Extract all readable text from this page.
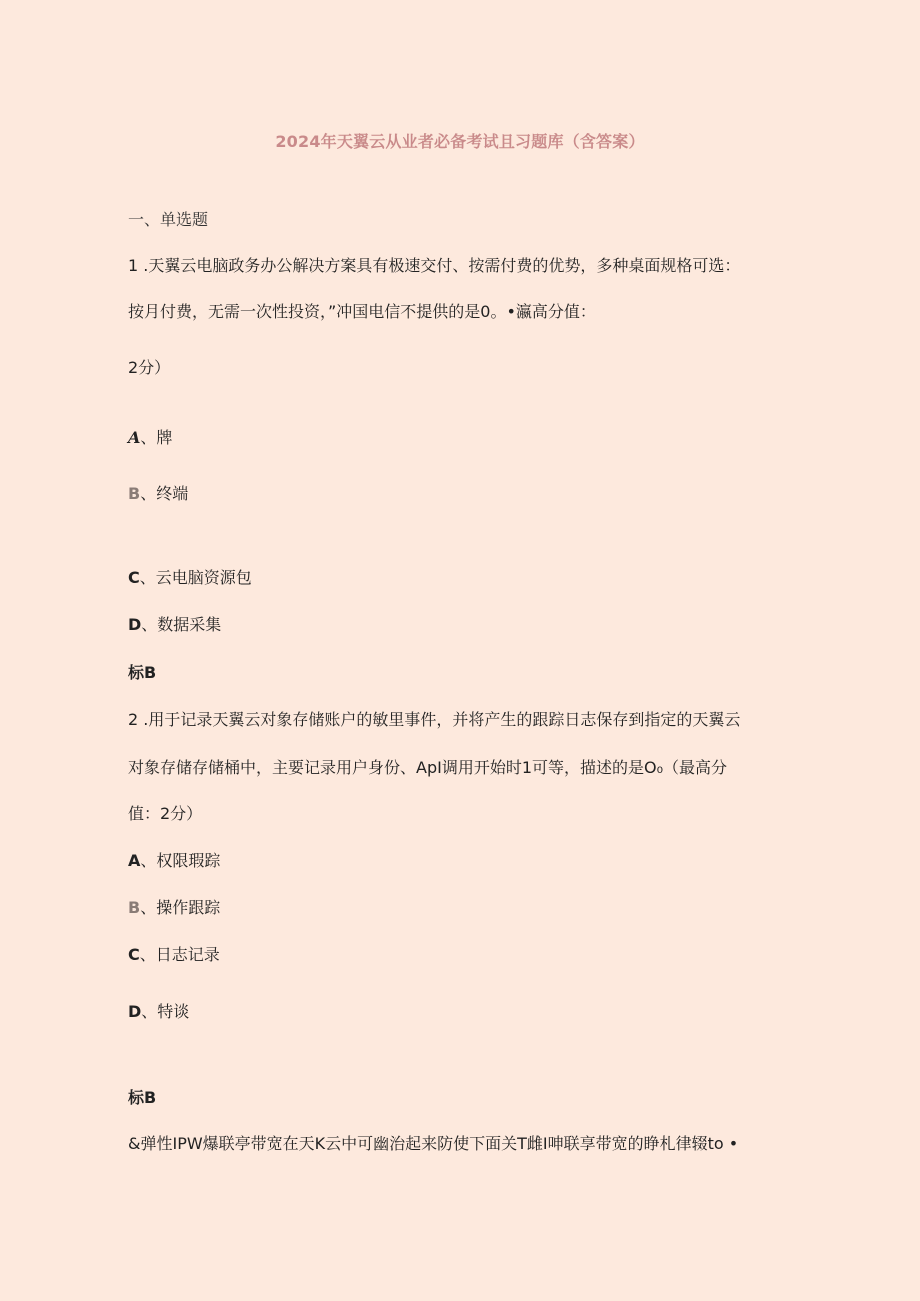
2024年天翼云从业者必备考试且习题库（含答案）
一、单选题
1 .天翼云电脑政务办公解决方案具有极速交付、按需付费的优势，多种桌面规格可选：
按月付费，无需一次性投资，”冲国电信不提供的是0。•瀛高分值：
2分）
A、牌
B、终端
C、云电脑资源包
D、数据采集
标B
2 .用于记录天翼云对象存储账户的敏里事件，并将产生的跟踪日志保存到指定的天翼云
对象存储存储桶中，主要记录用户身份、ApI调用开始时1可等，描述的是O₀（最高分
值：2分）
A、权限瑕踪
B、操作跟踪
C、日志记录
D、特谈
标B
&弹性IPW爆联亭带宽在天K云中可幽治起来防使下面关T雌I呻联享带宽的睁札律辍to •
